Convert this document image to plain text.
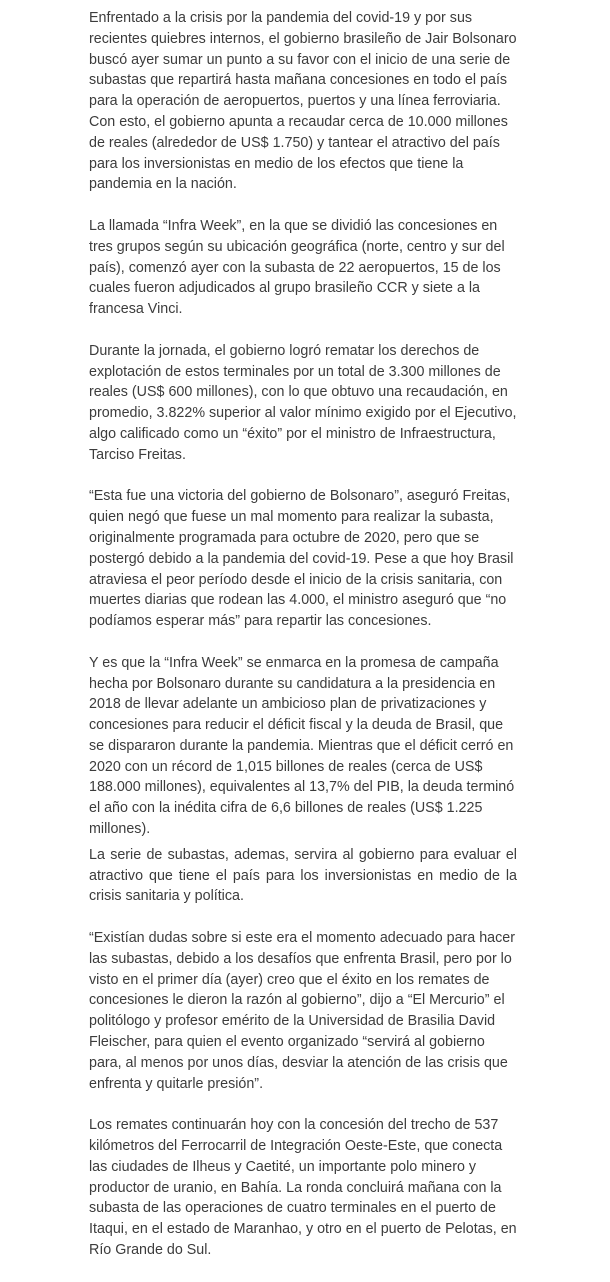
Enfrentado a la crisis por la pandemia del covid-19 y por sus recientes quiebres internos, el gobierno brasileño de Jair Bolsonaro buscó ayer sumar un punto a su favor con el inicio de una serie de subastas que repartirá hasta mañana concesiones en todo el país para la operación de aeropuertos, puertos y una línea ferroviaria. Con esto, el gobierno apunta a recaudar cerca de 10.000 millones de reales (alrededor de US$ 1.750) y tantear el atractivo del país para los inversionistas en medio de los efectos que tiene la pandemia en la nación.

La llamada “Infra Week”, en la que se dividió las concesiones en tres grupos según su ubicación geográfica (norte, centro y sur del país), comenzó ayer con la subasta de 22 aeropuertos, 15 de los cuales fueron adjudicados al grupo brasileño CCR y siete a la francesa Vinci.

Durante la jornada, el gobierno logró rematar los derechos de explotación de estos terminales por un total de 3.300 millones de reales (US$ 600 millones), con lo que obtuvo una recaudación, en promedio, 3.822% superior al valor mínimo exigido por el Ejecutivo, algo calificado como un “éxito” por el ministro de Infraestructura, Tarciso Freitas.

“Esta fue una victoria del gobierno de Bolsonaro”, aseguró Freitas, quien negó que fuese un mal momento para realizar la subasta, originalmente programada para octubre de 2020, pero que se postergó debido a la pandemia del covid-19. Pese a que hoy Brasil atraviesa el peor período desde el inicio de la crisis sanitaria, con muertes diarias que rodean las 4.000, el ministro aseguró que “no podíamos esperar más” para repartir las concesiones.

Y es que la “Infra Week” se enmarca en la promesa de campaña hecha por Bolsonaro durante su candidatura a la presidencia en 2018 de llevar adelante un ambicioso plan de privatizaciones y concesiones para reducir el déficit fiscal y la deuda de Brasil, que se dispararon durante la pandemia. Mientras que el déficit cerró en 2020 con un récord de 1,015 billones de reales (cerca de US$ 188.000 millones), equivalentes al 13,7% del PIB, la deuda terminó el año con la inédita cifra de 6,6 billones de reales (US$ 1.225 millones).

La serie de subastas, ademas, servira al gobierno para evaluar el atractivo que tiene el país para los inversionistas en medio de la crisis sanitaria y política.

“Existían dudas sobre si este era el momento adecuado para hacer las subastas, debido a los desafíos que enfrenta Brasil, pero por lo visto en el primer día (ayer) creo que el éxito en los remates de concesiones le dieron la razón al gobierno”, dijo a “El Mercurio” el politólogo y profesor emérito de la Universidad de Brasilia David Fleischer, para quien el evento organizado “servirá al gobierno para, al menos por unos días, desviar la atención de las crisis que enfrenta y quitarle presión”.

Los remates continuarán hoy con la concesión del trecho de 537 kilómetros del Ferrocarril de Integración Oeste-Este, que conecta las ciudades de Ilheus y Caetité, un importante polo minero y productor de uranio, en Bahía. La ronda concluirá mañana con la subasta de las operaciones de cuatro terminales en el puerto de Itaqui, en el estado de Maranhao, y otro en el puerto de Pelotas, en Río Grande do Sul.
